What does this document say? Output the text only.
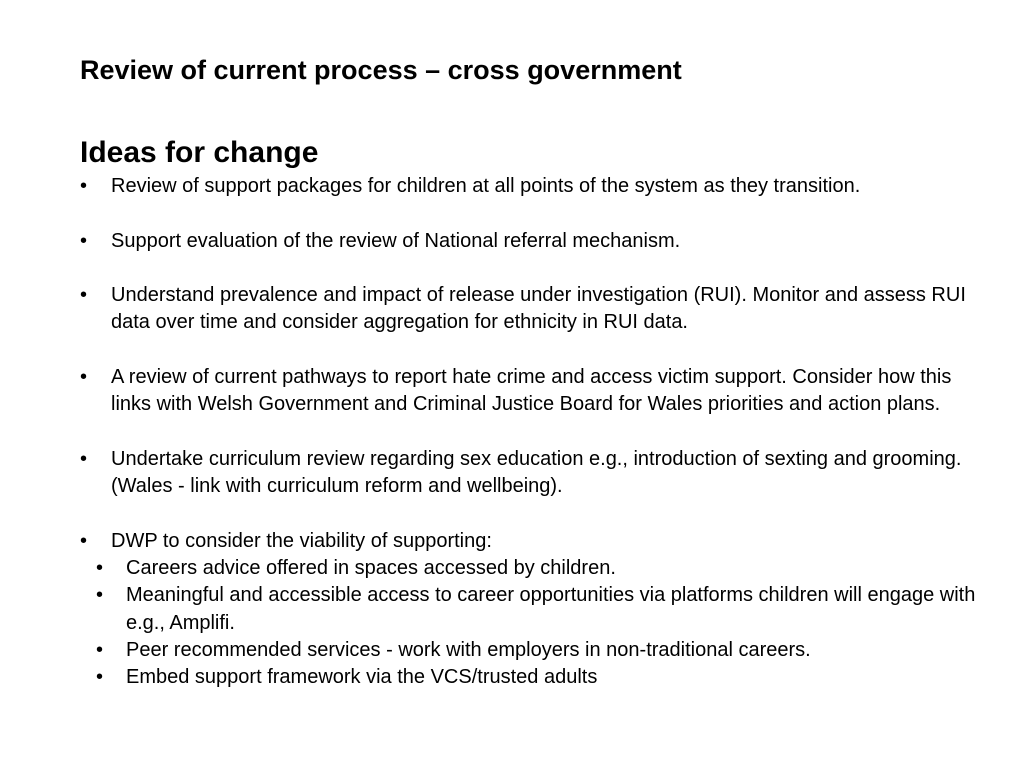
Review of current process – cross government
Ideas for change
• Review of support packages for children at all points of the system as they transition.
• Support evaluation of the review of National referral mechanism.
• Understand prevalence and impact of release under investigation (RUI). Monitor and assess RUI data over time and consider aggregation for ethnicity in RUI data.
• A review of current pathways to report hate crime and access victim support. Consider how this links with Welsh Government and Criminal Justice Board for Wales priorities and action plans.
• Undertake curriculum review regarding sex education e.g., introduction of sexting and grooming. (Wales - link with curriculum reform and wellbeing).
• DWP to consider the viability of supporting:
• Careers advice offered in spaces accessed by children.
• Meaningful and accessible access to career opportunities via platforms children will engage with e.g., Amplifi.
• Peer recommended services - work with employers in non-traditional careers.
• Embed support framework via the VCS/trusted adults
